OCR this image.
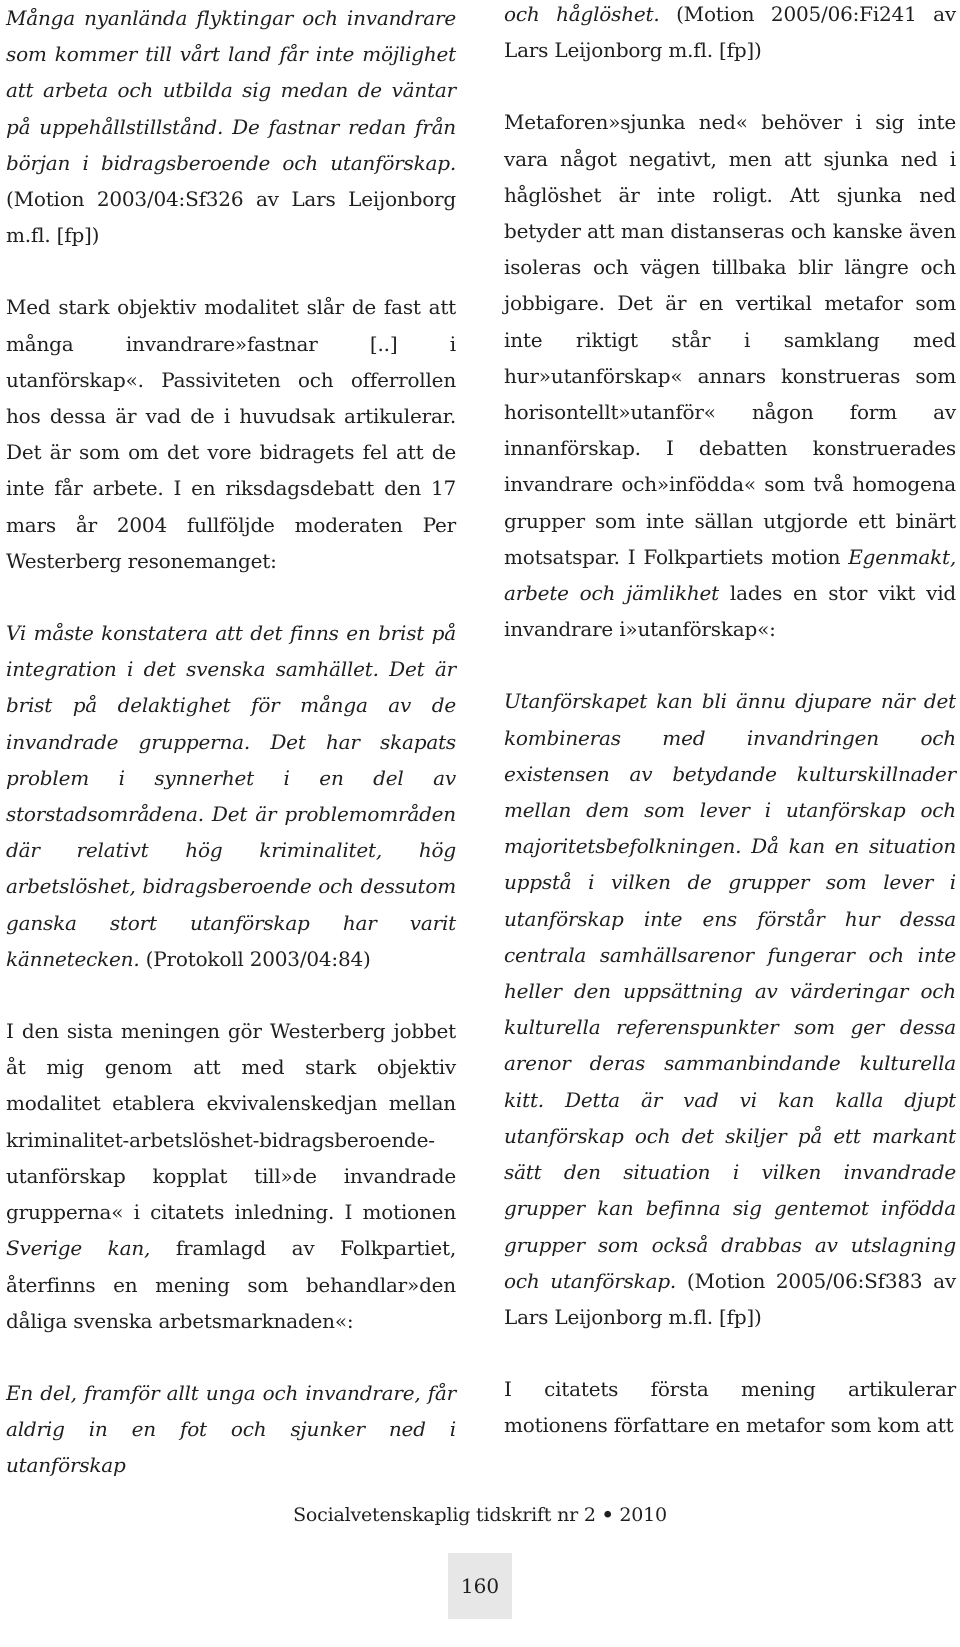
Många nyanlända flyktingar och invandrare som kommer till vårt land får inte möjlighet att arbeta och utbilda sig medan de väntar på uppehållstillstånd. De fastnar redan från början i bidragsberoende och utanförskap. (Motion 2003/04:Sf326 av Lars Leijonborg m.fl. [fp])

Med stark objektiv modalitet slår de fast att många invandrare»fastnar [..] i utanförskap«. Passiviteten och offerrollen hos dessa är vad de i huvudsak artikulerar. Det är som om det vore bidragets fel att de inte får arbete. I en riksdagsdebatt den 17 mars år 2004 fullföljde moderaten Per Westerberg resonemanget:

Vi måste konstatera att det finns en brist på integration i det svenska samhället. Det är brist på delaktighet för många av de invandrade grupperna. Det har skapats problem i synnerhet i en del av storstadsområdena. Det är problemområden där relativt hög kriminalitet, hög arbetslöshet, bidragsberoende och dessutom ganska stort utanförskap har varit kännetecken. (Protokoll 2003/04:84)

I den sista meningen gör Westerberg jobbet åt mig genom att med stark objektiv modalitet etablera ekvivalenskedjan mellan kriminalitet-arbetslöshet-bidragsberoende-utanförskap kopplat till»de invandrade grupperna« i citatets inledning. I motionen Sverige kan, framlagd av Folkpartiet, återfinns en mening som behandlar»den dåliga svenska arbetsmarknaden«:

En del, framför allt unga och invandrare, får aldrig in en fot och sjunker ned i utanförskap

och håglöshet. (Motion 2005/06:Fi241 av Lars Leijonborg m.fl. [fp])

Metaforen»sjunka ned« behöver i sig inte vara något negativt, men att sjunka ned i håglöshet är inte roligt. Att sjunka ned betyder att man distanseras och kanske även isoleras och vägen tillbaka blir längre och jobbigare. Det är en vertikal metafor som inte riktigt står i samklang med hur»utanförskap« annars konstrueras som horisontellt»utanför« någon form av innanförskap. I debatten konstruerades invandrare och»infödda« som två homogena grupper som inte sällan utgjorde ett binärt motsatspar. I Folkpartiets motion Egenmakt, arbete och jämlikhet lades en stor vikt vid invandrare i»utanförskap«:

Utanförskapet kan bli ännu djupare när det kombineras med invandringen och existensen av betydande kulturskillnader mellan dem som lever i utanförskap och majoritetsbefolkningen. Då kan en situation uppstå i vilken de grupper som lever i utanförskap inte ens förstår hur dessa centrala samhällsarenor fungerar och inte heller den uppsättning av värderingar och kulturella referenspunkter som ger dessa arenor deras sammanbindande kulturella kitt. Detta är vad vi kan kalla djupt utanförskap och det skiljer på ett markant sätt den situation i vilken invandrade grupper kan befinna sig gentemot infödda grupper som också drabbas av utslagning och utanförskap. (Motion 2005/06:Sf383 av Lars Leijonborg m.fl. [fp])

I citatets första mening artikulerar motionens författare en metafor som kom att

Socialvetenskaplig tidskrift nr 2 • 2010
160
